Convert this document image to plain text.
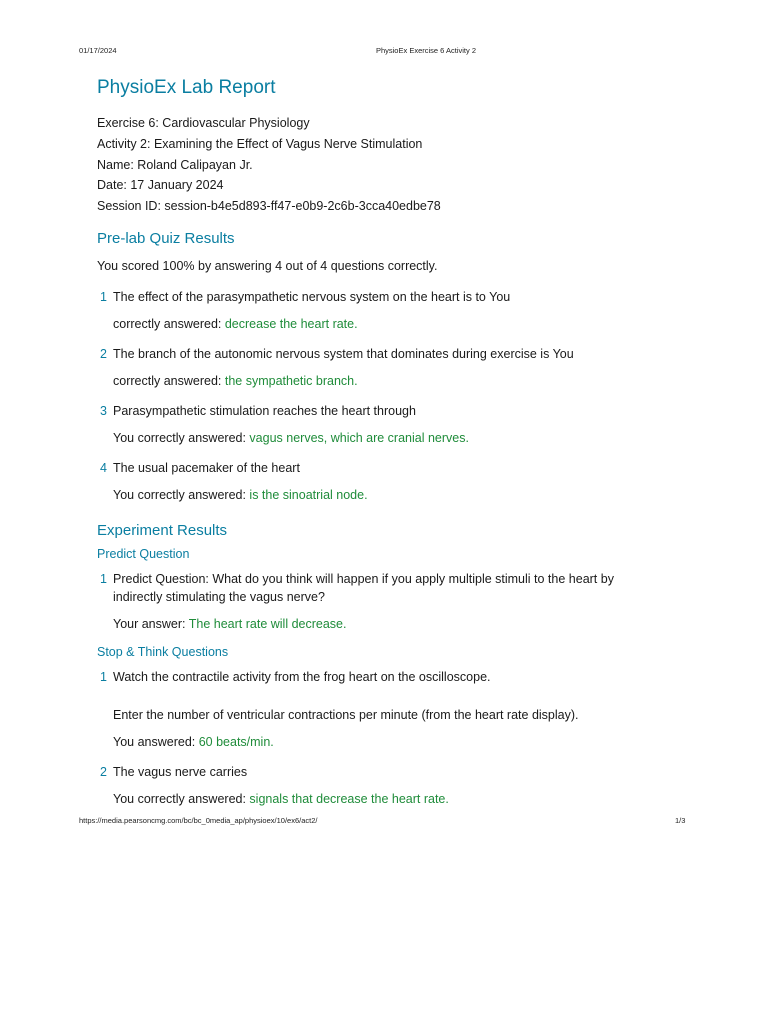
01/17/2024	PhysioEx Exercise 6 Activity 2
PhysioEx Lab Report
Exercise 6: Cardiovascular Physiology
Activity 2: Examining the Effect of Vagus Nerve Stimulation
Name: Roland Calipayan Jr.
Date: 17 January 2024
Session ID: session-b4e5d893-ff47-e0b9-2c6b-3cca40edbe78
Pre-lab Quiz Results
You scored 100% by answering 4 out of 4 questions correctly.
1 The effect of the parasympathetic nervous system on the heart is to You
correctly answered: decrease the heart rate.
2 The branch of the autonomic nervous system that dominates during exercise is You
correctly answered: the sympathetic branch.
3 Parasympathetic stimulation reaches the heart through
You correctly answered: vagus nerves, which are cranial nerves.
4 The usual pacemaker of the heart
You correctly answered: is the sinoatrial node.
Experiment Results
Predict Question
1 Predict Question: What do you think will happen if you apply multiple stimuli to the heart by
indirectly stimulating the vagus nerve?
Your answer: The heart rate will decrease.
Stop & Think Questions
1 Watch the contractile activity from the frog heart on the oscilloscope.
Enter the number of ventricular contractions per minute (from the heart rate display).
You answered: 60 beats/min.
2 The vagus nerve carries
You correctly answered: signals that decrease the heart rate.
https://media.pearsoncmg.com/bc/bc_0media_ap/physioex/10/ex6/act2/	1/3
